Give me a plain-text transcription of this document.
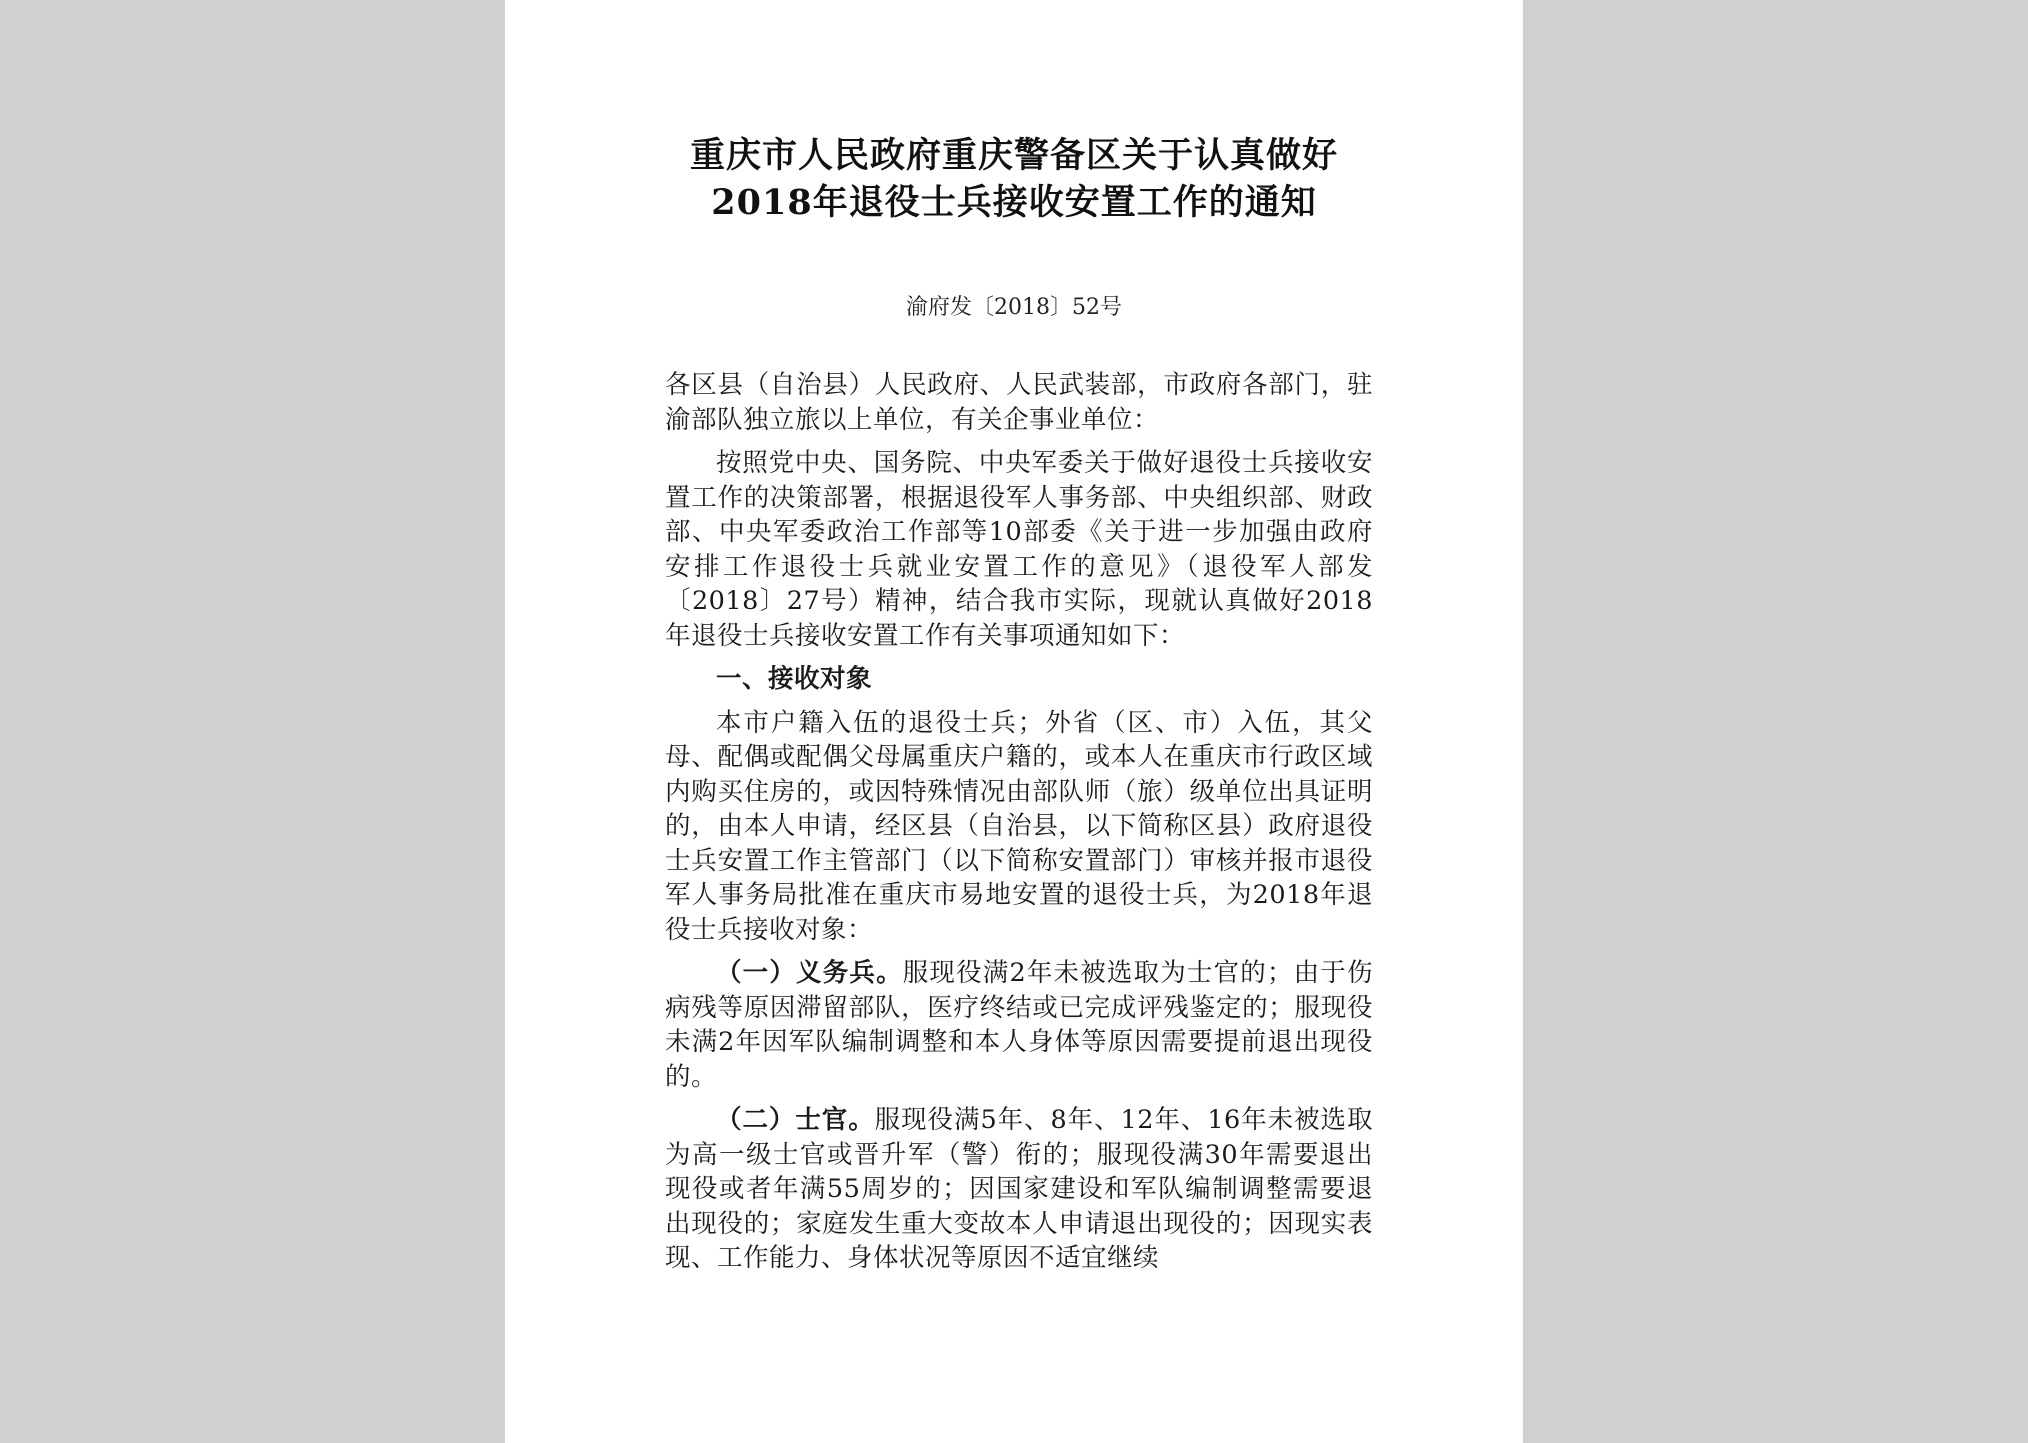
重庆市人民政府重庆警备区关于认真做好
2018年退役士兵接收安置工作的通知
渝府发〔2018〕52号

各区县（自治县）人民政府、人民武装部，市政府各部门，驻渝部队独立旅以上单位，有关企事业单位：

按照党中央、国务院、中央军委关于做好退役士兵接收安置工作的决策部署，根据退役军人事务部、中央组织部、财政部、中央军委政治工作部等10部委《关于进一步加强由政府安排工作退役士兵就业安置工作的意见》（退役军人部发〔2018〕27号）精神，结合我市实际，现就认真做好2018年退役士兵接收安置工作有关事项通知如下：

一、接收对象

本市户籍入伍的退役士兵；外省（区、市）入伍，其父母、配偶或配偶父母属重庆户籍的，或本人在重庆市行政区域内购买住房的，或因特殊情况由部队师（旅）级单位出具证明的，由本人申请，经区县（自治县，以下简称区县）政府退役士兵安置工作主管部门（以下简称安置部门）审核并报市退役军人事务局批准在重庆市易地安置的退役士兵，为2018年退役士兵接收对象：

（一）义务兵。服现役满2年未被选取为士官的；由于伤病残等原因滞留部队，医疗终结或已完成评残鉴定的；服现役未满2年因军队编制调整和本人身体等原因需要提前退出现役的。

（二）士官。服现役满5年、8年、12年、16年未被选取为高一级士官或晋升军（警）衔的；服现役满30年需要退出现役或者年满55周岁的；因国家建设和军队编制调整需要退出现役的；家庭发生重大变故本人申请退出现役的；因现实表现、工作能力、身体状况等原因不适宜继续
